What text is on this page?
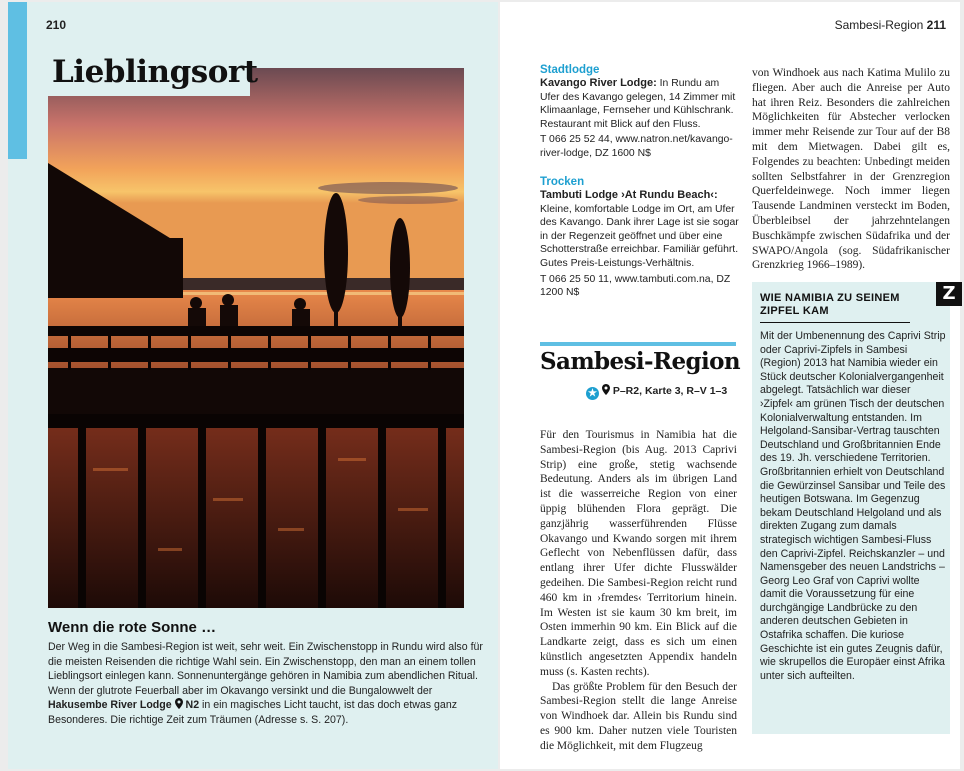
210
Lieblingsort
Wenn die rote Sonne …
Der Weg in die Sambesi-Region ist weit, sehr weit. Ein Zwischenstopp in Rundu wird also für die meisten Reisenden die richtige Wahl sein. Ein Zwischenstopp, den man an einem tollen Lieblingsort einlegen kann. Sonnenuntergänge gehören in Namibia zum abendlichen Ritual. Wenn der glutrote Feuerball aber im Okavango versinkt und die Bungalowwelt der Hakusembe River Lodge N2 in ein magisches Licht taucht, ist das doch etwas ganz Besonderes. Die richtige Zeit zum Träumen (Adresse s. S. 207).
Sambesi-Region 211
Stadtlodge
Kavango River Lodge: In Rundu am Ufer des Kavango gelegen, 14 Zimmer mit Klimaanlage, Fernseher und Kühlschrank. Restaurant mit Blick auf den Fluss.
T 066 25 52 44, www.natron.net/kavango-river-lodge, DZ 1600 N$
Trocken
Tambuti Lodge ›At Rundu Beach‹: Kleine, komfortable Lodge im Ort, am Ufer des Kavango. Dank ihrer Lage ist sie sogar in der Regenzeit geöffnet und über eine Schotterstraße erreichbar. Familiär geführt. Gutes Preis-Leistungs-Verhältnis.
T 066 25 50 11, www.tambuti.com.na, DZ 1200 N$
Sambesi-Region
★ P–R2, Karte 3, R–V 1–3

Für den Tourismus in Namibia hat die Sambesi-Region (bis Aug. 2013 Caprivi Strip) eine große, stetig wachsende Bedeutung. Anders als im übrigen Land ist die wasserreiche Region von einer üppig blühenden Flora geprägt. Die ganzjährig wasserführenden Flüsse Okavango und Kwando sorgen mit ihrem Geflecht von Nebenflüssen dafür, dass entlang ihrer Ufer dichte Flusswälder gedeihen. Die Sambesi-Region reicht rund 460 km in ›fremdes‹ Territorium hinein. Im Westen ist sie kaum 30 km breit, im Osten immerhin 90 km. Ein Blick auf die Landkarte zeigt, dass es sich um einen künstlich angesetzten Appendix handeln muss (s. Kasten rechts).

Das größte Problem für den Besuch der Sambesi-Region stellt die lange Anreise von Windhoek dar. Allein bis Rundu sind es 900 km. Daher nutzen viele Touristen die Möglichkeit, mit dem Flugzeug

von Windhoek aus nach Katima Mulilo zu fliegen. Aber auch die Anreise per Auto hat ihren Reiz. Besonders die zahlreichen Möglichkeiten für Abstecher verlocken immer mehr Reisende zur Tour auf der B8 mit dem Mietwagen. Dabei gilt es, Folgendes zu beachten: Unbedingt meiden sollten Selbstfahrer in der Grenzregion Querfeldeinwege. Noch immer liegen Tausende Landminen versteckt im Boden, Überbleibsel der jahrzehntelangen Buschkämpfe zwischen Südafrika und der SWAPO/Angola (sog. Südafrikanischer Grenzkrieg 1966–1989).

Z
WIE NAMIBIA ZU SEINEM ZIPFEL KAM
Mit der Umbenennung des Caprivi Strip oder Caprivi-Zipfels in Sambesi (Region) 2013 hat Namibia wieder ein Stück deutscher Kolonialvergangenheit abgelegt. Tatsächlich war dieser ›Zipfel‹ am grünen Tisch der deutschen Kolonialverwaltung entstanden. Im Helgoland-Sansibar-Vertrag tauschten Deutschland und Großbritannien Ende des 19. Jh. verschiedene Territorien. Großbritannien erhielt von Deutschland die Gewürzinsel Sansibar und Teile des heutigen Botswana. Im Gegenzug bekam Deutschland Helgoland und als direkten Zugang zum damals strategisch wichtigen Sambesi-Fluss den Caprivi-Zipfel. Reichskanzler – und Namensgeber des neuen Landstrichs – Georg Leo Graf von Caprivi wollte damit die Voraussetzung für eine durchgängige Landbrücke zu den anderen deutschen Gebieten in Ostafrika schaffen. Die kuriose Geschichte ist ein gutes Zeugnis dafür, wie skrupellos die Europäer einst Afrika unter sich aufteilten.
